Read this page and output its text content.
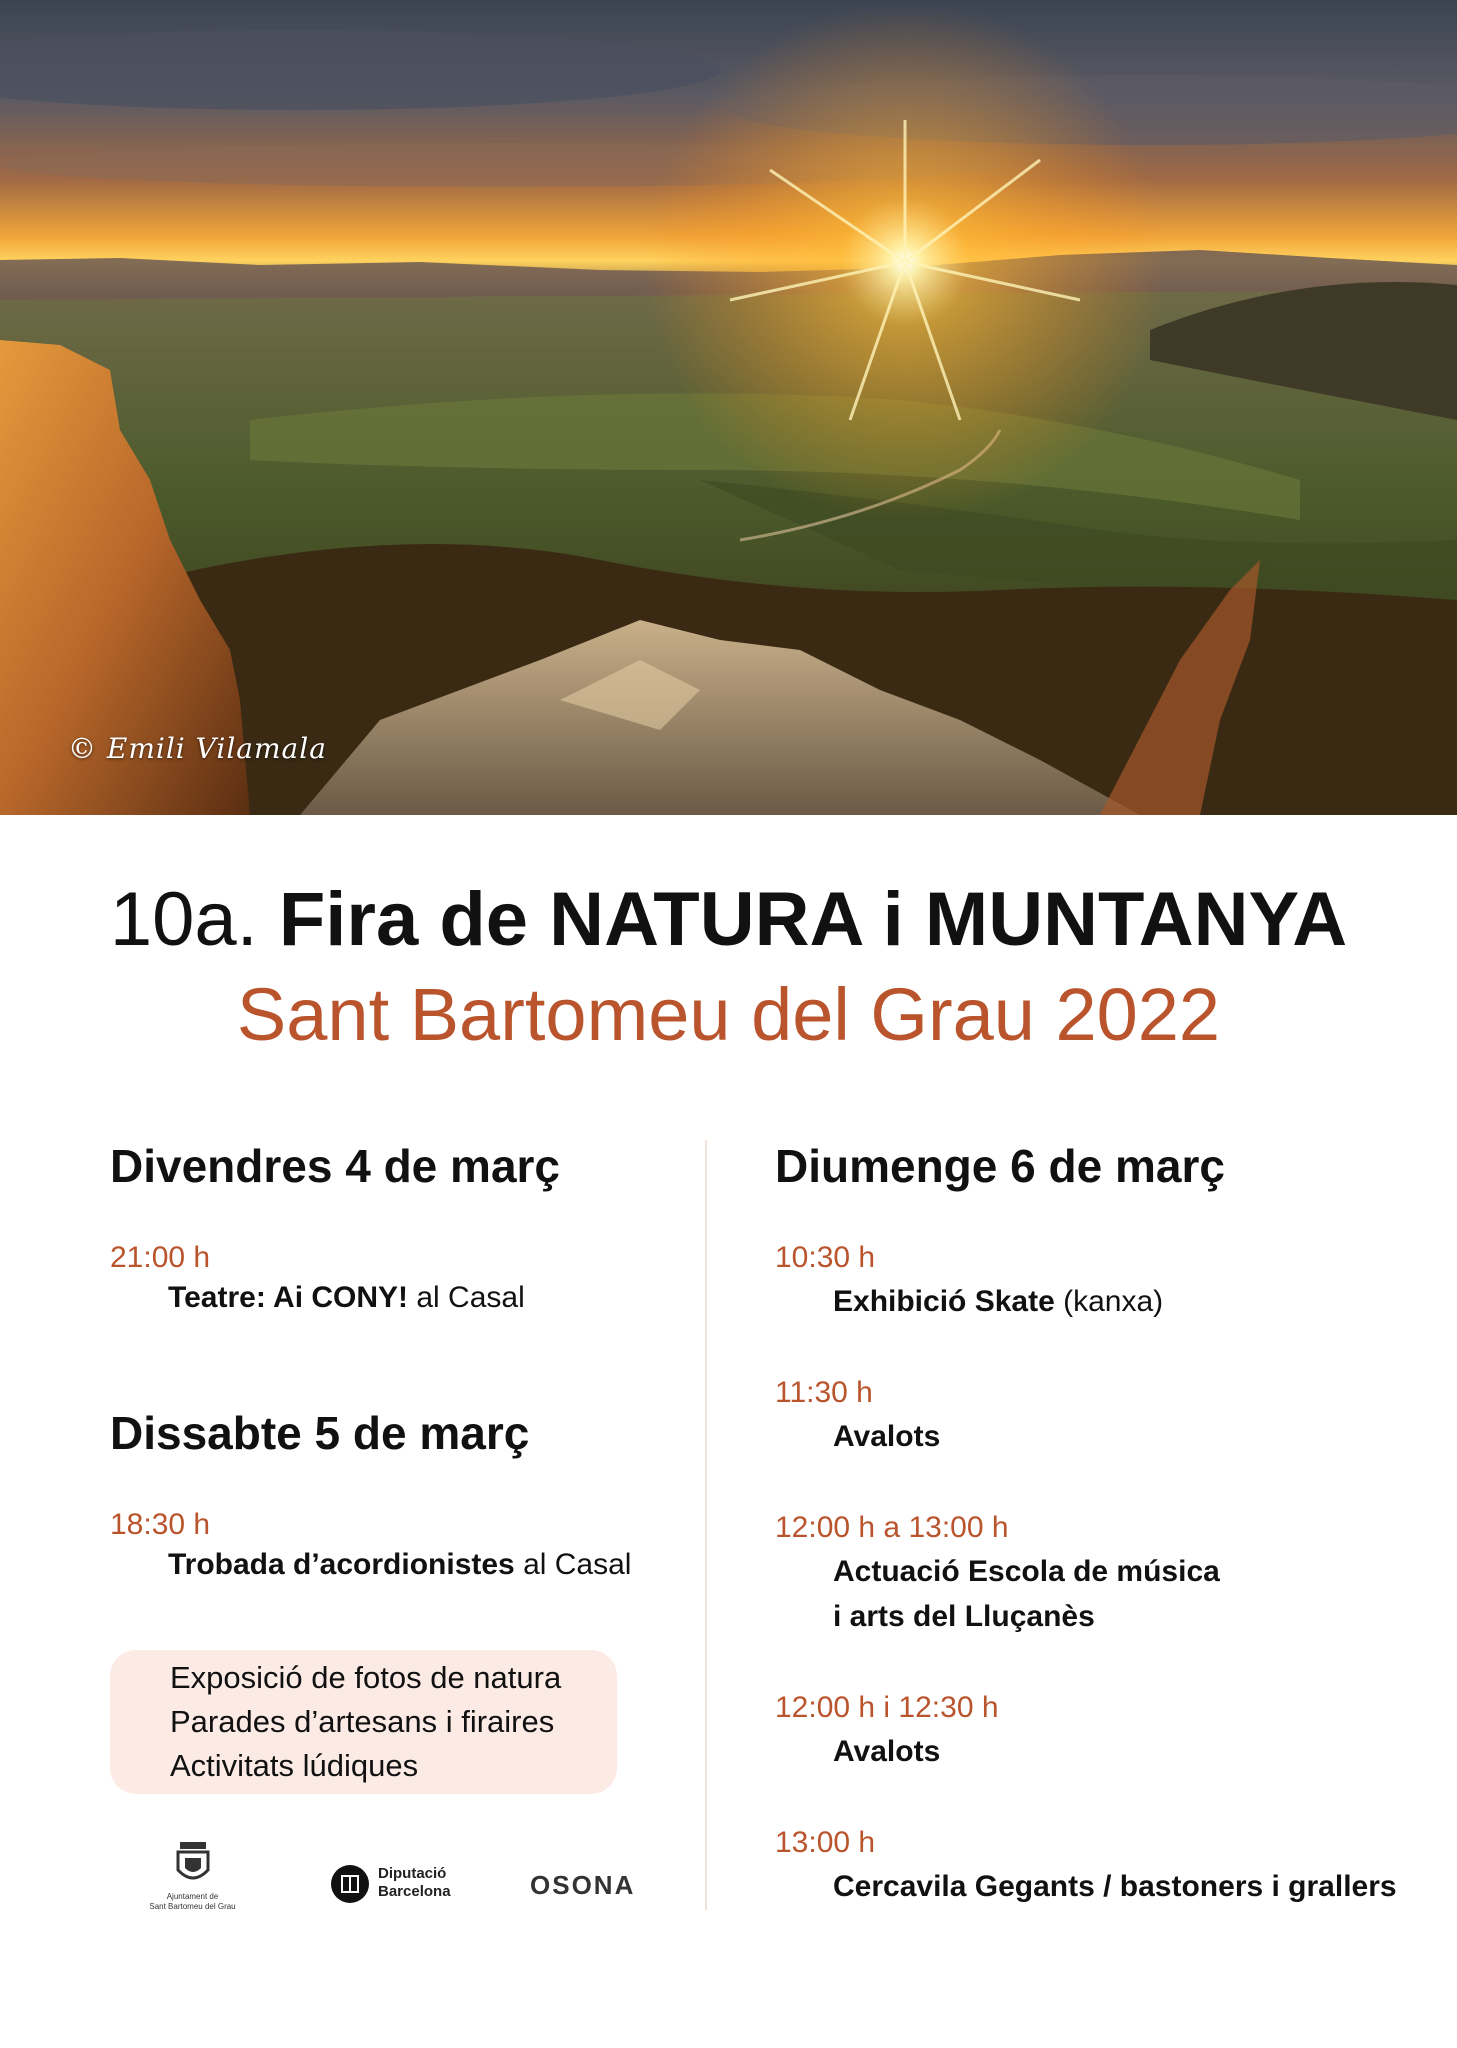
© Emili Vilamala
10a. Fira de NATURA i MUNTANYA
Sant Bartomeu del Grau 2022
Divendres 4 de març
21:00 h
Teatre: Ai CONY! al Casal
Dissabte 5 de març
18:30 h
Trobada d’acordionistes al Casal
Exposició de fotos de natura
Parades d’artesans i firaires
Activitats lúdiques
Ajuntament de
Sant Bartomeu del Grau
Diputació
Barcelona	OSONA
Diumenge 6 de març
10:30 h
Exhibició Skate (kanxa)
11:30 h
Avalots
12:00 h a 13:00 h
Actuació Escola de música
i arts del Lluçanès
12:00 h i 12:30 h
Avalots
13:00 h
Cercavila Gegants / bastoners i grallers
